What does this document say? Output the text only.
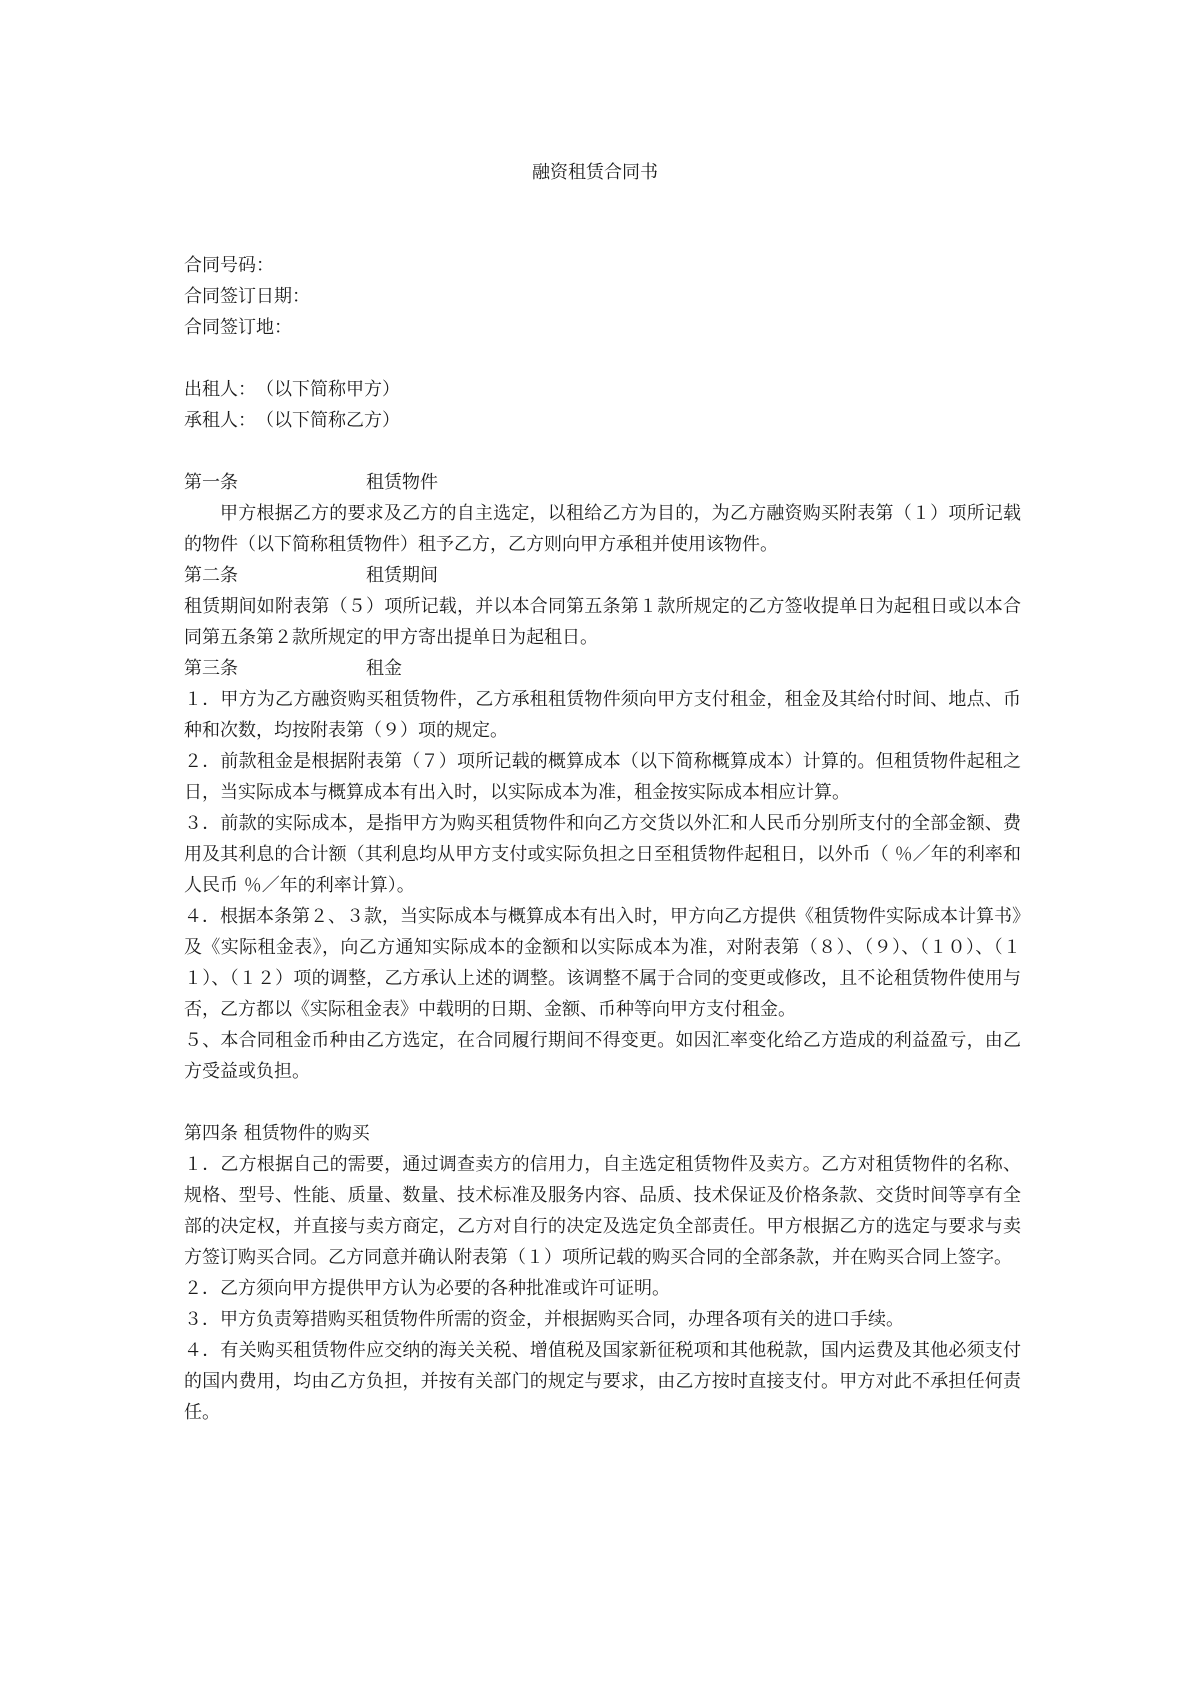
融资租赁合同书
合同号码：
合同签订日期：
合同签订地：
出租人：　（以下简称甲方）
承租人：　（以下简称乙方）
第一条	租赁物件
甲方根据乙方的要求及乙方的自主选定，以租给乙方为目的，为乙方融资购买附表第（１）项所记载的物件（以下简称租赁物件）租予乙方，乙方则向甲方承租并使用该物件。
第二条	租赁期间
租赁期间如附表第（５）项所记载，并以本合同第五条第１款所规定的乙方签收提单日为起租日或以本合同第五条第２款所规定的甲方寄出提单日为起租日。
第三条	租金
１．甲方为乙方融资购买租赁物件，乙方承租租赁物件须向甲方支付租金，租金及其给付时间、地点、币种和次数，均按附表第（９）项的规定。
２．前款租金是根据附表第（７）项所记载的概算成本（以下简称概算成本）计算的。但租赁物件起租之日，当实际成本与概算成本有出入时，以实际成本为准，租金按实际成本相应计算。
３．前款的实际成本，是指甲方为购买租赁物件和向乙方交货以外汇和人民币分别所支付的全部金额、费用及其利息的合计额（其利息均从甲方支付或实际负担之日至租赁物件起租日，以外币（ ％／年的利率和人民币 ％／年的利率计算）。
４．根据本条第２、３款，当实际成本与概算成本有出入时，甲方向乙方提供《租赁物件实际成本计算书》及《实际租金表》，向乙方通知实际成本的金额和以实际成本为准，对附表第（８）、（９）、（１０）、（１１）、（１２）项的调整，乙方承认上述的调整。该调整不属于合同的变更或修改，且不论租赁物件使用与否，乙方都以《实际租金表》中载明的日期、金额、币种等向甲方支付租金。
５、本合同租金币种由乙方选定，在合同履行期间不得变更。如因汇率变化给乙方造成的利益盈亏，由乙方受益或负担。
第四条 租赁物件的购买
１．乙方根据自己的需要，通过调查卖方的信用力，自主选定租赁物件及卖方。乙方对租赁物件的名称、规格、型号、性能、质量、数量、技术标准及服务内容、品质、技术保证及价格条款、交货时间等享有全部的决定权，并直接与卖方商定，乙方对自行的决定及选定负全部责任。甲方根据乙方的选定与要求与卖方签订购买合同。乙方同意并确认附表第（１）项所记载的购买合同的全部条款，并在购买合同上签字。
２．乙方须向甲方提供甲方认为必要的各种批准或许可证明。
３．甲方负责筹措购买租赁物件所需的资金，并根据购买合同，办理各项有关的进口手续。
４．有关购买租赁物件应交纳的海关关税、增值税及国家新征税项和其他税款，国内运费及其他必须支付的国内费用，均由乙方负担，并按有关部门的规定与要求，由乙方按时直接支付。甲方对此不承担任何责任。
